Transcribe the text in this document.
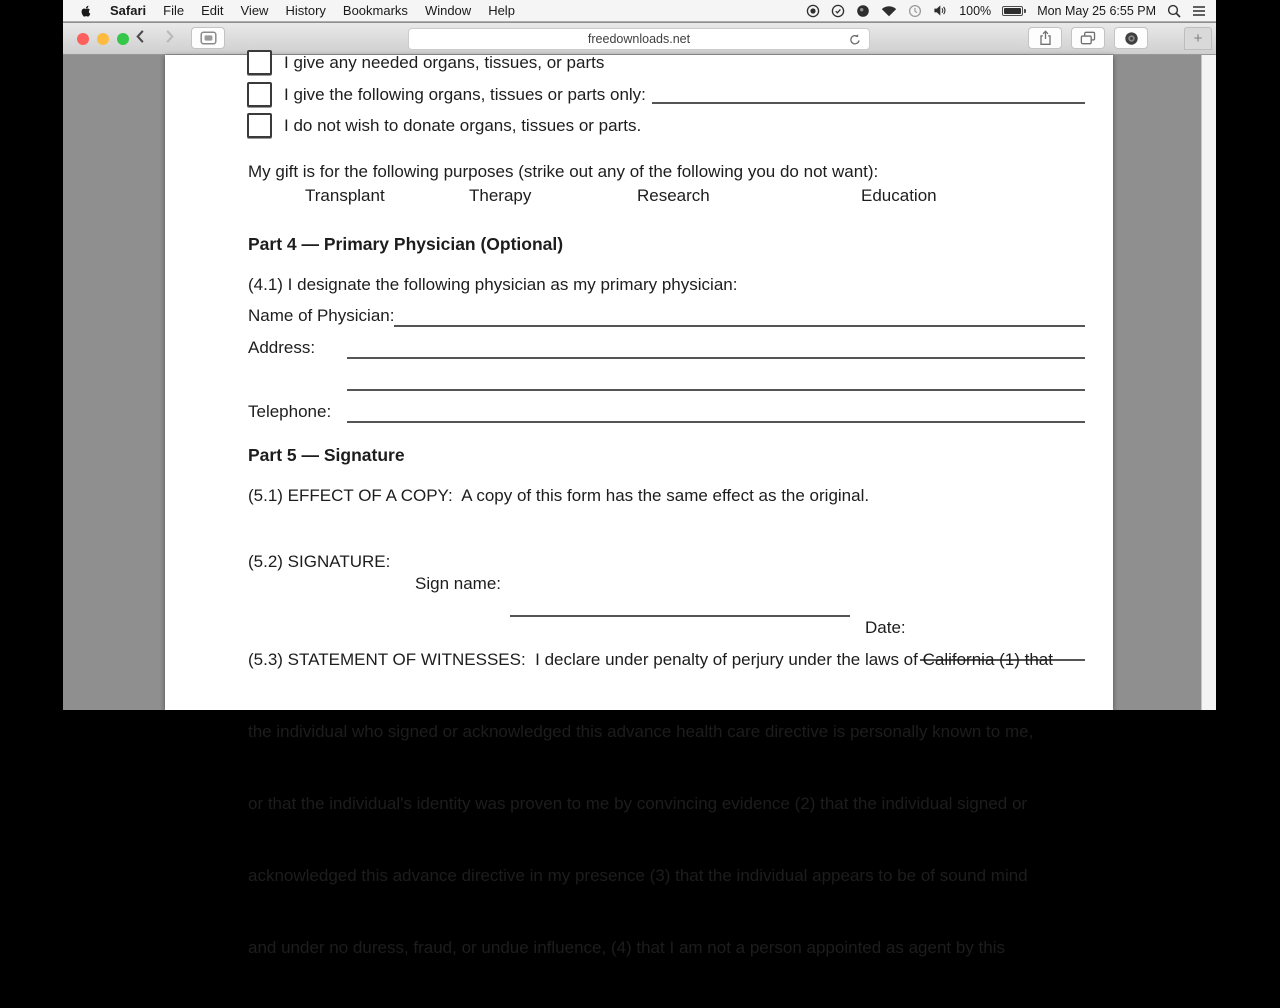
Safari File Edit View History Bookmarks Window Help	100%	Mon May 25 6:55 PM
freedownloads.net	+
I give any needed organs, tissues, or parts
I give the following organs, tissues or parts only:
I do not wish to donate organs, tissues or parts.
My gift is for the following purposes (strike out any of the following you do not want):
Transplant	Therapy	Research	Education
Part 4 — Primary Physician (Optional)
(4.1) I designate the following physician as my primary physician:
Name of Physician:
Address:
Telephone:
Part 5 — Signature
(5.1) EFFECT OF A COPY:  A copy of this form has the same effect as the original.

(5.2) SIGNATURE:

Sign name:

Date:

(5.3) STATEMENT OF WITNESSES:  I declare under penalty of perjury under the laws of California (1) that

the individual who signed or acknowledged this advance health care directive is personally known to me,

or that the individual's identity was proven to me by convincing evidence (2) that the individual signed or

acknowledged this advance directive in my presence (3) that the individual appears to be of sound mind

and under no duress, fraud, or undue influence, (4) that I am not a person appointed as agent by this
